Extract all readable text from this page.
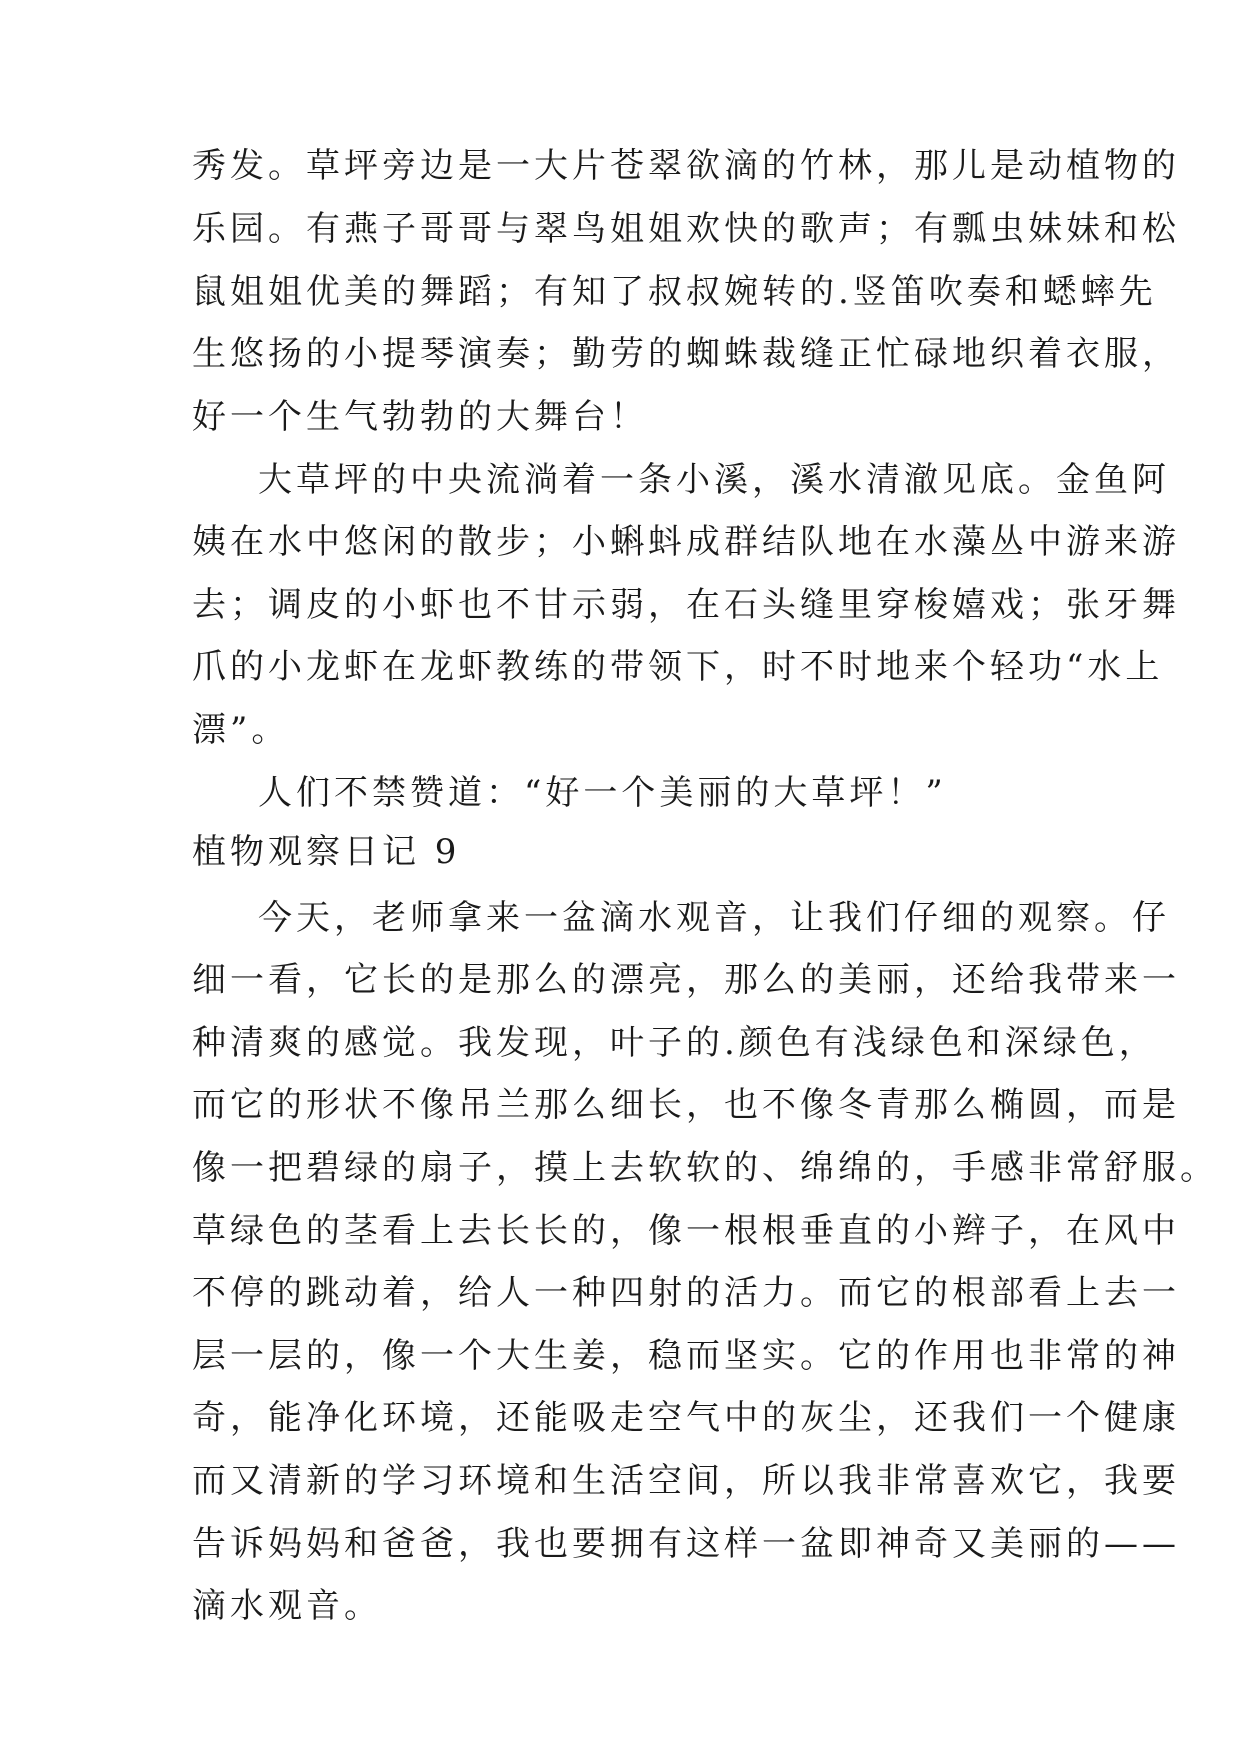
秀发。草坪旁边是一大片苍翠欲滴的竹林，那儿是动植物的
乐园。有燕子哥哥与翠鸟姐姐欢快的歌声；有瓢虫妹妹和松
鼠姐姐优美的舞蹈；有知了叔叔婉转的.竖笛吹奏和蟋蟀先
生悠扬的小提琴演奏；勤劳的蜘蛛裁缝正忙碌地织着衣服，
好一个生气勃勃的大舞台！
大草坪的中央流淌着一条小溪，溪水清澈见底。金鱼阿
姨在水中悠闲的散步；小蝌蚪成群结队地在水藻丛中游来游
去；调皮的小虾也不甘示弱，在石头缝里穿梭嬉戏；张牙舞
爪的小龙虾在龙虾教练的带领下，时不时地来个轻功“水上
漂”。
人们不禁赞道：“好一个美丽的大草坪！”
植物观察日记 9
今天，老师拿来一盆滴水观音，让我们仔细的观察。仔
细一看，它长的是那么的漂亮，那么的美丽，还给我带来一
种清爽的感觉。我发现，叶子的.颜色有浅绿色和深绿色，
而它的形状不像吊兰那么细长，也不像冬青那么椭圆，而是
像一把碧绿的扇子，摸上去软软的、绵绵的，手感非常舒服。
草绿色的茎看上去长长的，像一根根垂直的小辫子，在风中
不停的跳动着，给人一种四射的活力。而它的根部看上去一
层一层的，像一个大生姜，稳而坚实。它的作用也非常的神
奇，能净化环境，还能吸走空气中的灰尘，还我们一个健康
而又清新的学习环境和生活空间，所以我非常喜欢它，我要
告诉妈妈和爸爸，我也要拥有这样一盆即神奇又美丽的——
滴水观音。
